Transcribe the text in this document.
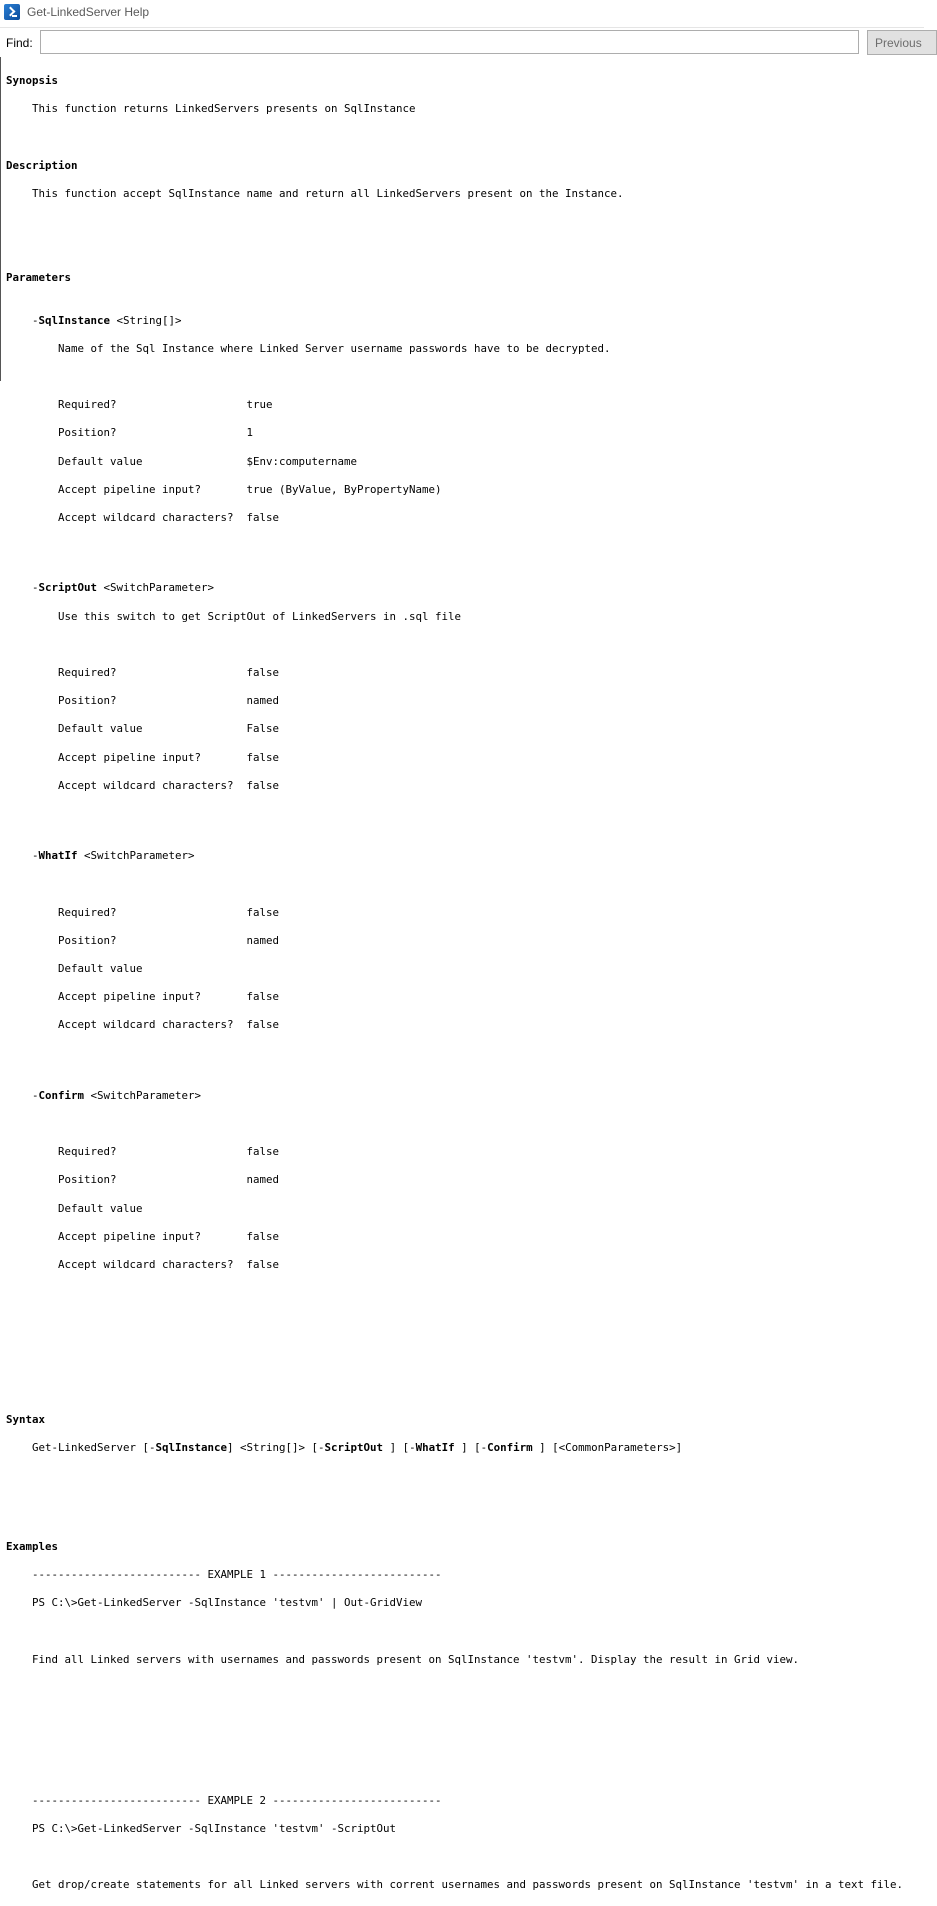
Get-LinkedServer Help
Find:	Previous

Synopsis

This function returns LinkedServers presents on SqlInstance

Description

This function accept SqlInstance name and return all LinkedServers present on the Instance.

Parameters

-SqlInstance <String[]>

Name of the Sql Instance where Linked Server username passwords have to be decrypted.

Required?                    true

Position?                    1

Default value                $Env:computername

Accept pipeline input?       true (ByValue, ByPropertyName)

Accept wildcard characters?  false

-ScriptOut <SwitchParameter>

Use this switch to get ScriptOut of LinkedServers in .sql file

Required?                    false

Position?                    named

Default value                False

Accept pipeline input?       false

Accept wildcard characters?  false

-WhatIf <SwitchParameter>

Required?                    false

Position?                    named

Default value

Accept pipeline input?       false

Accept wildcard characters?  false

-Confirm <SwitchParameter>

Required?                    false

Position?                    named

Default value

Accept pipeline input?       false

Accept wildcard characters?  false

Syntax

Get-LinkedServer [-SqlInstance] <String[]> [-ScriptOut ] [-WhatIf ] [-Confirm ] [<CommonParameters>]

Examples

-------------------------- EXAMPLE 1 --------------------------

PS C:\>Get-LinkedServer -SqlInstance 'testvm' | Out-GridView

Find all Linked servers with usernames and passwords present on SqlInstance 'testvm'. Display the result in Grid view.

-------------------------- EXAMPLE 2 --------------------------

PS C:\>Get-LinkedServer -SqlInstance 'testvm' -ScriptOut

Get drop/create statements for all Linked servers with corrent usernames and passwords present on SqlInstance 'testvm' in a text file.
